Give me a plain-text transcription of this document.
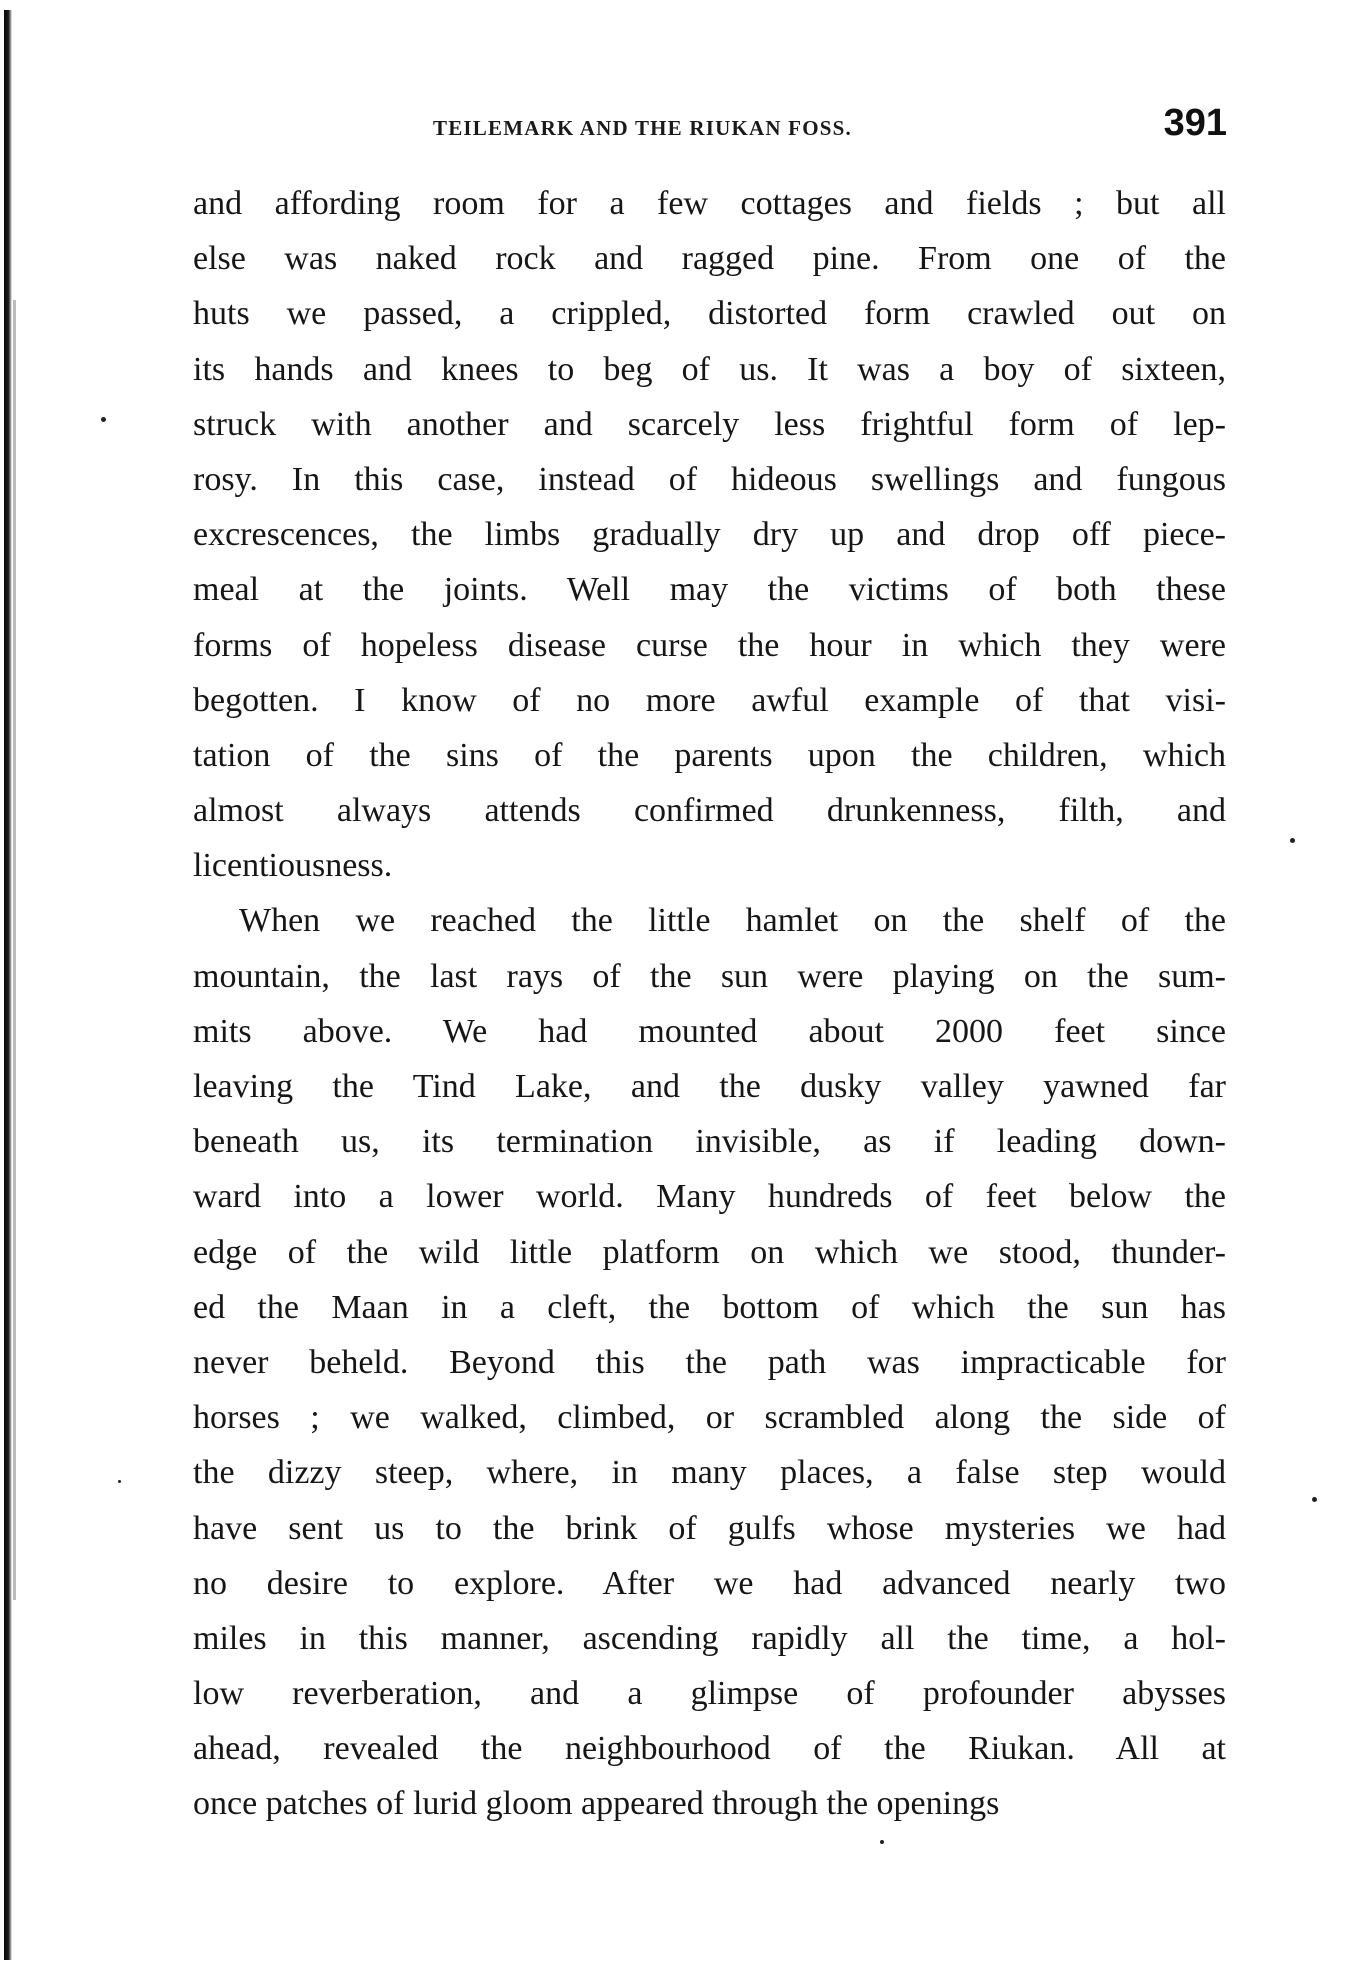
TEILEMARK AND THE RIUKAN FOSS.	391
and affording room for a few cottages and fields ; but all
else was naked rock and ragged pine. From one of the
huts we passed, a crippled, distorted form crawled out on
its hands and knees to beg of us. It was a boy of sixteen,
struck with another and scarcely less frightful form of lep-
rosy. In this case, instead of hideous swellings and fungous
excrescences, the limbs gradually dry up and drop off piece-
meal at the joints. Well may the victims of both these
forms of hopeless disease curse the hour in which they were
begotten. I know of no more awful example of that visi-
tation of the sins of the parents upon the children, which
almost always attends confirmed drunkenness, filth, and
licentiousness.
When we reached the little hamlet on the shelf of the
mountain, the last rays of the sun were playing on the sum-
mits above. We had mounted about 2000 feet since
leaving the Tind Lake, and the dusky valley yawned far
beneath us, its termination invisible, as if leading down-
ward into a lower world. Many hundreds of feet below the
edge of the wild little platform on which we stood, thunder-
ed the Maan in a cleft, the bottom of which the sun has
never beheld. Beyond this the path was impracticable for
horses ; we walked, climbed, or scrambled along the side of
the dizzy steep, where, in many places, a false step would
have sent us to the brink of gulfs whose mysteries we had
no desire to explore. After we had advanced nearly two
miles in this manner, ascending rapidly all the time, a hol-
low reverberation, and a glimpse of profounder abysses
ahead, revealed the neighbourhood of the Riukan. All at
once patches of lurid gloom appeared through the openings
